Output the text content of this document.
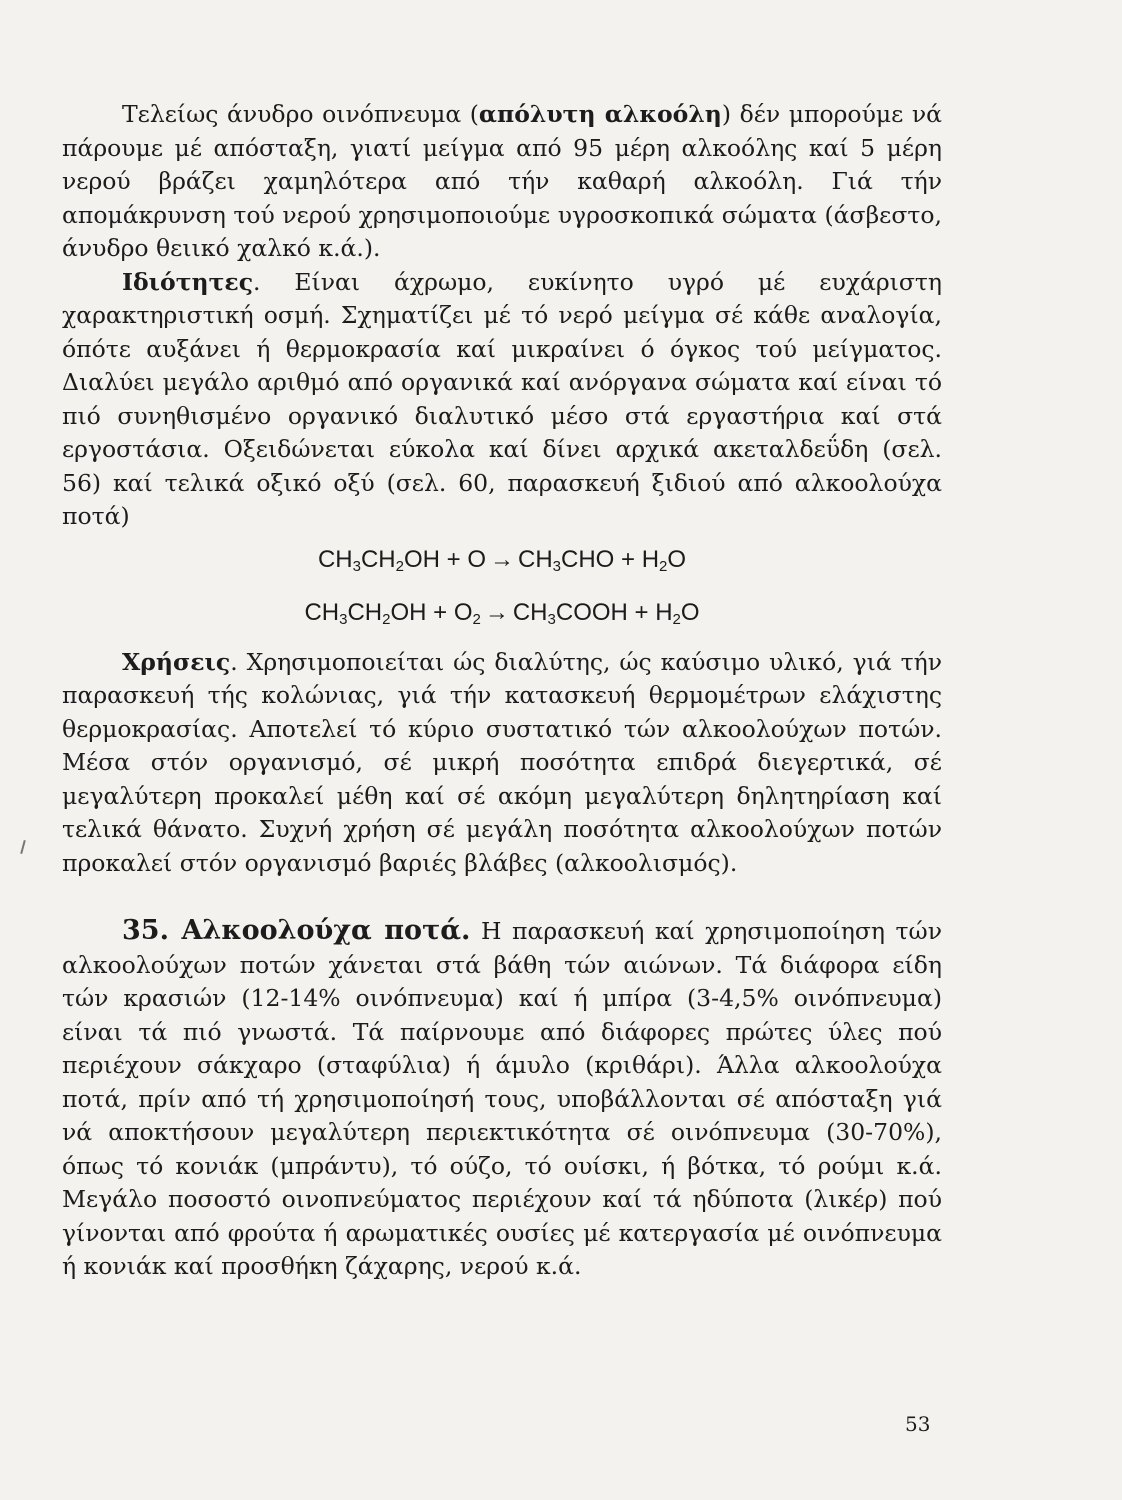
Τελείως άνυδρο οινόπνευμα (απόλυτη αλκοόλη) δέν μπορούμε νά πάρουμε μέ απόσταξη, γιατί μείγμα από 95 μέρη αλκοόλης καί 5 μέρη νερού βράζει χαμηλότερα από τήν καθαρή αλκοόλη. Γιά τήν απομάκρυνση τού νερού χρησιμοποιούμε υγροσκοπικά σώματα (άσβεστο, άνυδρο θειικό χαλκό κ.ά.).

Ιδιότητες. Είναι άχρωμο, ευκίνητο υγρό μέ ευχάριστη χαρακτηριστική οσμή. Σχηματίζει μέ τό νερό μείγμα σέ κάθε αναλογία, όπότε αυξάνει ή θερμοκρασία καί μικραίνει ό όγκος τού μείγματος. Διαλύει μεγάλο αριθμό από οργανικά καί ανόργανα σώματα καί είναι τό πιό συνηθισμένο οργανικό διαλυτικό μέσο στά εργαστήρια καί στά εργοστάσια. Οξειδώνεται εύκολα καί δίνει αρχικά ακεταλδεΰδη (σελ. 56) καί τελικά οξικό οξύ (σελ. 60, παρασκευή ξιδιού από αλκοολούχα ποτά)

$CH_3CH_2OH + O \to CH_3CHO + H_2O$
$CH_3CH_2OH + O_2$ → $CH_3COOH + H_2O$

Χρήσεις. Χρησιμοποιείται ώς διαλύτης, ώς καύσιμο υλικό, γιά τήν παρασκευή τής κολώνιας, γιά τήν κατασκευή θερμομέτρων ελάχιστης θερμοκρασίας. Αποτελεί τό κύριο συστατικό τών αλκοολούχων ποτών. Μέσα στόν οργανισμό, σέ μικρή ποσότητα επιδρά διεγερτικά, σέ μεγαλύτερη προκαλεί μέθη καί σέ ακόμη μεγαλύτερη δηλητηρίαση καί τελικά θάνατο. Συχνή χρήση σέ μεγάλη ποσότητα αλκοολούχων ποτών προκαλεί στόν οργανισμό βαριές βλάβες (αλκοολισμός).

35. Αλκοολούχα ποτά. Η παρασκευή καί χρησιμοποίηση τών αλκοολούχων ποτών χάνεται στά βάθη τών αιώνων. Τά διάφορα είδη τών κρασιών (12-14% οινόπνευμα) καί ή μπίρα (3-4,5% οινόπνευμα) είναι τά πιό γνωστά. Τά παίρνουμε από διάφορες πρώτες ύλες πού περιέχουν σάκχαρο (σταφύλια) ή άμυλο (κριθάρι). Άλλα αλκοολούχα ποτά, πρίν από τή χρησιμοποίησή τους, υποβάλλονται σέ απόσταξη γιά νά αποκτήσουν μεγαλύτερη περιεκτικότητα σέ οινόπνευμα (30-70%), όπως τό κονιάκ (μπράντυ), τό ούζο, τό ουίσκι, ή βότκα, τό ρούμι κ.ά. Μεγάλο ποσοστό οινοπνεύματος περιέχουν καί τά ηδύποτα (λικέρ) πού γίνονται από φρούτα ή αρωματικές ουσίες μέ κατεργασία μέ οινόπνευμα ή κονιάκ καί προσθήκη ζάχαρης, νερού κ.ά.

53
